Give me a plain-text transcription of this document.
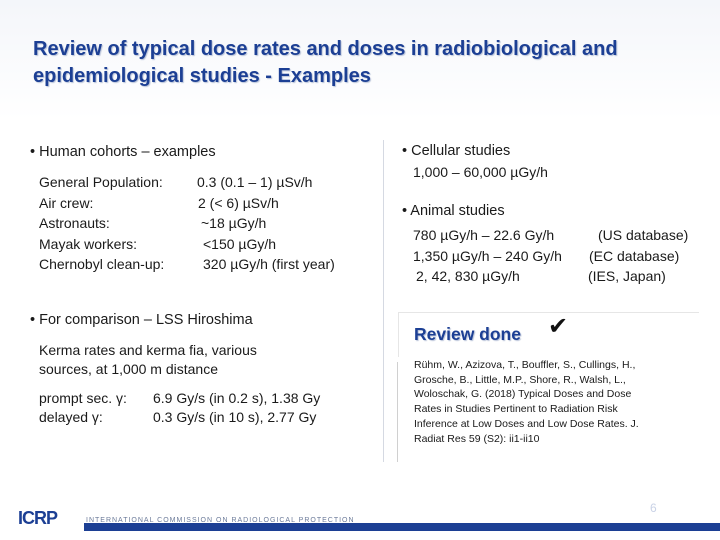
Review of typical dose rates and doses in radiobiological and epidemiological studies - Examples
• Human cohorts – examples
General Population:	0.3 (0.1 – 1) µSv/h
Air crew:	2 (< 6) µSv/h
Astronauts:	~18 µGy/h
Mayak workers:	<150 µGy/h
Chernobyl clean-up:	320 µGy/h (first year)
• For comparison – LSS Hiroshima
Kerma rates and kerma fia, various
sources, at 1,000 m distance
prompt sec. γ: 6.9 Gy/s (in 0.2 s), 1.38 Gy
delayed γ:	0.3 Gy/s (in 10 s), 2.77 Gy
• Cellular studies
1,000 – 60,000 µGy/h
• Animal studies
780 µGy/h – 22.6 Gy/h	(US database)
1,350 µGy/h – 240 Gy/h	(EC database)
2, 42, 830 µGy/h	(IES, Japan)
Review done ✔
Rühm, W., Azizova, T., Bouffler, S., Cullings, H., Grosche, B., Little, M.P., Shore, R., Walsh, L., Woloschak, G. (2018) Typical Doses and Dose Rates in Studies Pertinent to Radiation Risk Inference at Low Doses and Low Dose Rates. J. Radiat Res 59 (S2): ii1-ii10
6
ICRP	INTERNATIONAL COMMISSION ON RADIOLOGICAL PROTECTION
